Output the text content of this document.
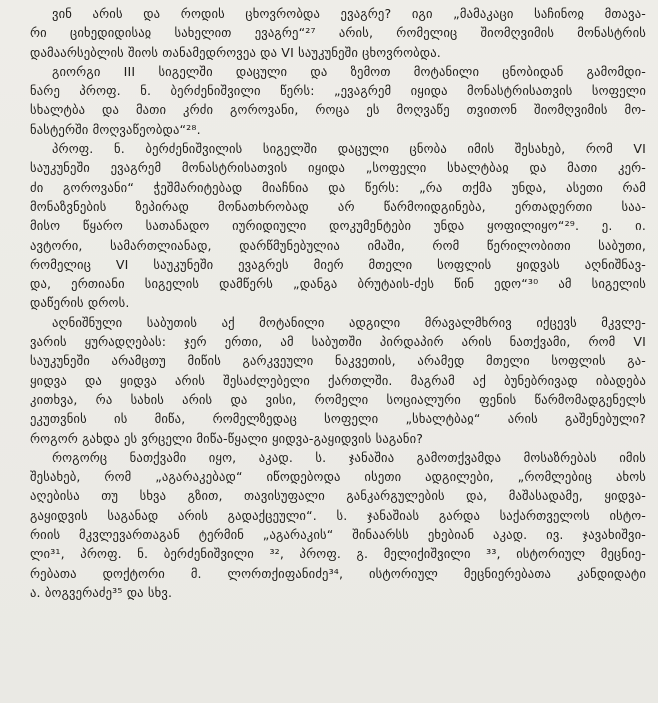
ვინ არის და როდის ცხოვრობდა ევაგრე? იგი „მამაკაცი საჩინოჲ მთავა-
რი ციხედიდისაჲ სახელით ევაგრე“²⁷ არის, რომელიც შიომღვიმის მონასტრის
დამაარსებლის შიოს თანამედროვეა და VI საუკუნეში ცხოვრობდა.

გიორგი III სიგელში დაცული და ზემოთ მოტანილი ცნობიდან გამომდი-
ნარე პროფ. ნ. ბერძენიშვილი წერს: „ევაგრემ იყიდა მონასტრისათვის სოფელი
სხალტბა და მათი კრძი გოროვანი, როცა ეს მოღვაწე თვითონ შიომღვიმის მო-
ნასტერში მოღვაწეობდა“²⁸.

პროფ. ნ. ბერძენიშვილის სიგელში დაცული ცნობა იმის შესახებ, რომ VI
საუკუნეში ევაგრემ მონასტრისათვის იყიდა „სოფელი სხალტბაჲ და მათი კერ-
ძი გოროვანი“ ჭეშმარიტებად მიაჩნია და წერს: „რა თქმა უნდა, ასეთი რამ
მონაზვნების ზეპირად მონათხრობად არ წარმოიდგინება, ერთადერთი საა-
მისო წყარო სათანადო იურიდიული დოკუმენტები უნდა ყოფილიყო“²⁹. ე. ი.
ავტორი, სამართლიანად, დარწმუნებულია იმაში, რომ წერილობითი საბუთი,
რომელიც VI საუკუნეში ევაგრეს მიერ მთელი სოფლის ყიდვას აღნიშნავ-
და, ერთიანი სიგელის დამწერს „დანგა ბრუტაის-ძეს წინ ედო“³⁰ ამ სიგელის
დაწერის დროს.

აღნიშნული საბუთის აქ მოტანილი ადგილი მრავალმხრივ იქცევს მკვლე-
ვარის ყურადღებას: ჯერ ერთი, ამ საბუთში პირდაპირ არის ნათქვამი, რომ VI
საუკუნეში არამცთუ მიწის გარკვეული ნაკვეთის, არამედ მთელი სოფლის გა-
ყიდვა და ყიდვა არის შესაძლებელი ქართლში. მაგრამ აქ ბუნებრივად იბადება
კითხვა, რა სახის არის და ვისი, რომელი სოციალური ფენის წარმომადგენელს
ეკუთვნის ის მიწა, რომელზედაც სოფელი „სხალტბაჲ“ არის გაშენებული?
როგორ გახდა ეს ვრცელი მიწა-წყალი ყიდვა-გაყიდვის საგანი?

როგორც ნათქვამი იყო, აკად. ს. ჯანაშია გამოთქვამდა მოსაზრებას იმის
შესახებ, რომ „აგარაკებად“ იწოდებოდა ისეთი ადგილები, „რომლებიც ახოს
აღებისა თუ სხვა გზით, თავისუფალი განკარგულების და, მაშასადამე, ყიდვა-
გაყიდვის საგანად არის გადაქცეული“. ს. ჯანაშიას გარდა საქართველოს ისტო-
რიის მკვლევართაგან ტერმინ „აგარაკის“ შინაარსს ეხებიან აკად. ივ. ჯავახიშვი-
ლი³¹, პროფ. ნ. ბერძენიშვილი ³², პროფ. გ. მელიქიშვილი ³³, ისტორიულ მეცნიე-
რებათა დოქტორი მ. ლორთქიფანიძე³⁴, ისტორიულ მეცნიერებათა კანდიდატი
ა. ბოგვერაძე³⁵ და სხვ.
